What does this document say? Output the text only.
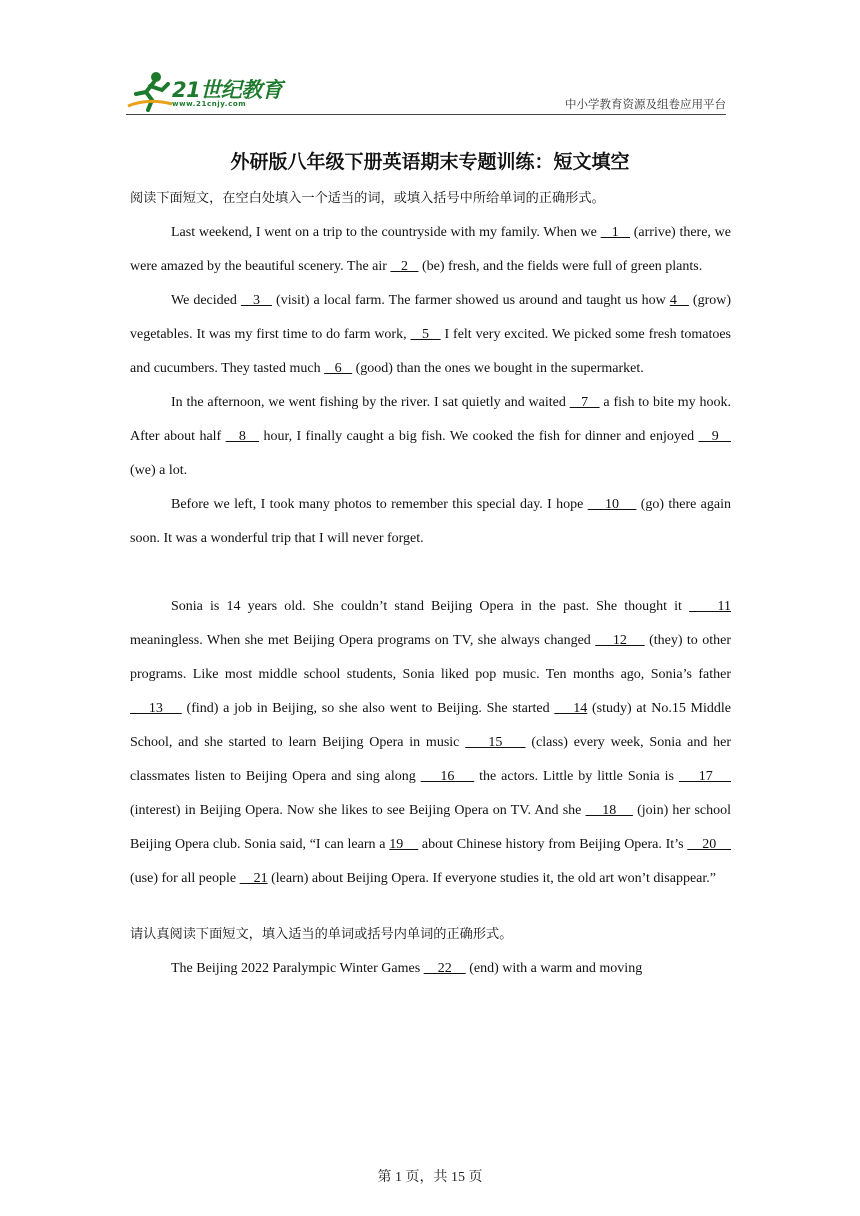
21世纪教育
www.21cnjy.com	中小学教育资源及组卷应用平台
外研版八年级下册英语期末专题训练：短文填空
阅读下面短文，在空白处填入一个适当的词，或填入括号中所给单词的正确形式。
Last weekend, I went on a trip to the countryside with my family. When we    1    (arrive) there, we were amazed by the beautiful scenery. The air    2    (be) fresh, and the fields were full of green plants.
We decided    3    (visit) a local farm. The farmer showed us around and taught us how 4    (grow) vegetables. It was my first time to do farm work,    5    I felt very excited. We picked some fresh tomatoes and cucumbers. They tasted much    6    (good) than the ones we bought in the supermarket.
In the afternoon, we went fishing by the river. I sat quietly and waited    7    a fish to bite my hook. After about half    8    hour, I finally caught a big fish. We cooked the fish for dinner and enjoyed    9    (we) a lot.
Before we left, I took many photos to remember this special day. I hope     10     (go) there again soon. It was a wonderful trip that I will never forget.
Sonia is 14 years old. She couldn’t stand Beijing Opera in the past. She thought it     11 meaningless. When she met Beijing Opera programs on TV, she always changed     12     (they) to other programs. Like most middle school students, Sonia liked pop music. Ten months ago, Sonia’s father     13     (find) a job in Beijing, so she also went to Beijing. She started     14 (study) at No.15 Middle School, and she started to learn Beijing Opera in music     15     (class) every week, Sonia and her classmates listen to Beijing Opera and sing along     16     the actors. Little by little Sonia is     17     (interest) in Beijing Opera. Now she likes to see Beijing Opera on TV. And she     18     (join) her school Beijing Opera club. Sonia said, “I can learn a 19     about Chinese history from Beijing Opera. It’s     20     (use) for all people     21 (learn) about Beijing Opera. If everyone studies it, the old art won’t disappear.”
请认真阅读下面短文，填入适当的单词或括号内单词的正确形式。
The Beijing 2022 Paralympic Winter Games     22     (end) with a warm and moving
第 1 页，共 15 页
